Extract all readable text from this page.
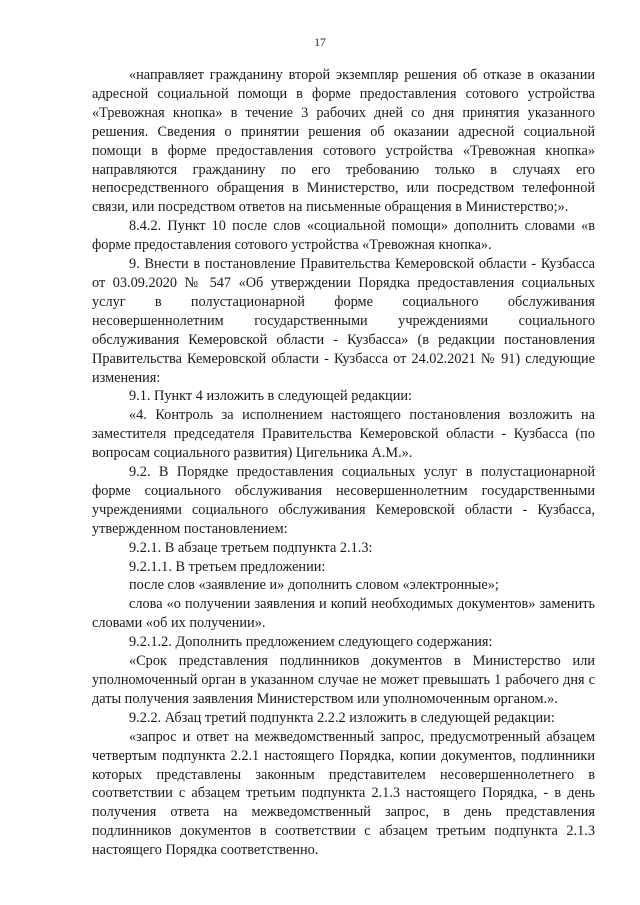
17

«направляет гражданину второй экземпляр решения об отказе в оказании адресной социальной помощи в форме предоставления сотового устройства «Тревожная кнопка» в течение 3 рабочих дней со дня принятия указанного решения. Сведения о принятии решения об оказании адресной социальной помощи в форме предоставления сотового устройства «Тревожная кнопка» направляются гражданину по его требованию только в случаях его непосредственного обращения в Министерство, или посредством телефонной связи, или посредством ответов на письменные обращения в Министерство;».

8.4.2. Пункт 10 после слов «социальной помощи» дополнить словами «в форме предоставления сотового устройства «Тревожная кнопка».

9. Внести в постановление Правительства Кемеровской области - Кузбасса от 03.09.2020 № 547 «Об утверждении Порядка предоставления социальных услуг в полустационарной форме социального обслуживания несовершеннолетним государственными учреждениями социального обслуживания Кемеровской области - Кузбасса» (в редакции постановления Правительства Кемеровской области - Кузбасса от 24.02.2021 № 91) следующие изменения:

9.1. Пункт 4 изложить в следующей редакции:

«4. Контроль за исполнением настоящего постановления возложить на заместителя председателя Правительства Кемеровской области - Кузбасса (по вопросам социального развития) Цигельника А.М.».

9.2. В Порядке предоставления социальных услуг в полустационарной форме социального обслуживания несовершеннолетним государственными учреждениями социального обслуживания Кемеровской области - Кузбасса, утвержденном постановлением:

9.2.1. В абзаце третьем подпункта 2.1.3:

9.2.1.1. В третьем предложении:

после слов «заявление и» дополнить словом «электронные»;

слова «о получении заявления и копий необходимых документов» заменить словами «об их получении».

9.2.1.2. Дополнить предложением следующего содержания:

«Срок представления подлинников документов в Министерство или уполномоченный орган в указанном случае не может превышать 1 рабочего дня с даты получения заявления Министерством или уполномоченным органом.».

9.2.2. Абзац третий подпункта 2.2.2 изложить в следующей редакции:

«запрос и ответ на межведомственный запрос, предусмотренный абзацем четвертым подпункта 2.2.1 настоящего Порядка, копии документов, подлинники которых представлены законным представителем несовершеннолетнего в соответствии с абзацем третьим подпункта 2.1.3 настоящего Порядка, - в день получения ответа на межведомственный запрос, в день представления подлинников документов в соответствии с абзацем третьим подпункта 2.1.3 настоящего Порядка соответственно.
